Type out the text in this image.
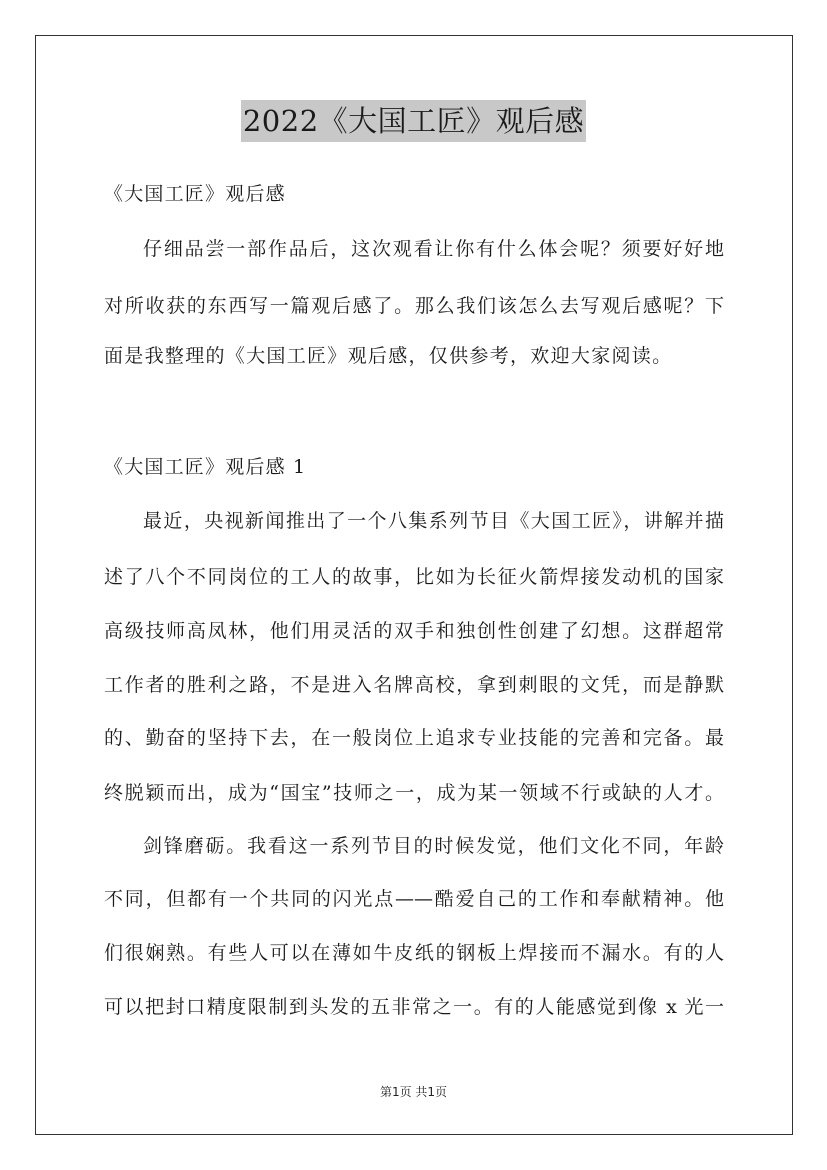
2022《大国工匠》观后感
《大国工匠》观后感
仔细品尝一部作品后，这次观看让你有什么体会呢？须要好好地
对所收获的东西写一篇观后感了。那么我们该怎么去写观后感呢？下
面是我整理的《大国工匠》观后感，仅供参考，欢迎大家阅读。
《大国工匠》观后感 1
最近，央视新闻推出了一个八集系列节目《大国工匠》，讲解并描
述了八个不同岗位的工人的故事，比如为长征火箭焊接发动机的国家
高级技师高凤林，他们用灵活的双手和独创性创建了幻想。这群超常
工作者的胜利之路，不是进入名牌高校，拿到刺眼的文凭，而是静默
的、勤奋的坚持下去，在一般岗位上追求专业技能的完善和完备。最
终脱颖而出，成为“国宝”技师之一，成为某一领域不行或缺的人才。
剑锋磨砺。我看这一系列节目的时候发觉，他们文化不同，年龄
不同，但都有一个共同的闪光点——酷爱自己的工作和奉献精神。他
们很娴熟。有些人可以在薄如牛皮纸的钢板上焊接而不漏水。有的人
可以把封口精度限制到头发的五非常之一。有的人能感觉到像 x 光一
第1页 共1页
